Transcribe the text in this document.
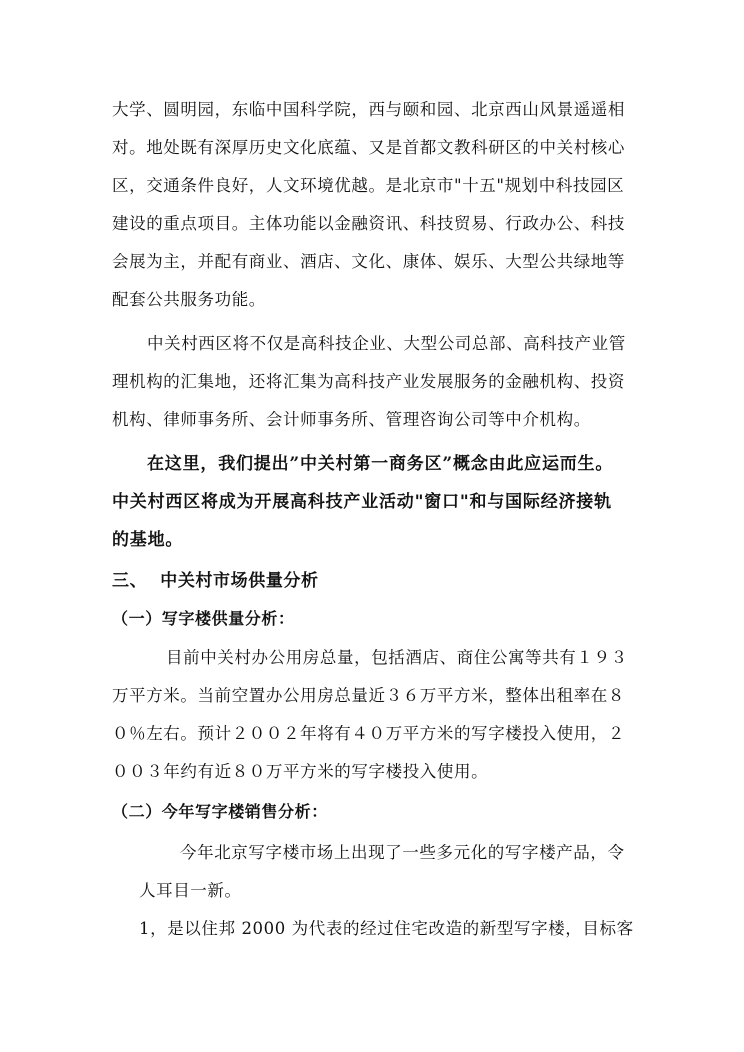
大学、圆明园，东临中国科学院，西与颐和园、北京西山风景遥遥相
对。地处既有深厚历史文化底蕴、又是首都文教科研区的中关村核心
区，交通条件良好，人文环境优越。是北京市"十五"规划中科技园区
建设的重点项目。主体功能以金融资讯、科技贸易、行政办公、科技
会展为主，并配有商业、酒店、文化、康体、娱乐、大型公共绿地等
配套公共服务功能。
中关村西区将不仅是高科技企业、大型公司总部、高科技产业管
理机构的汇集地，还将汇集为高科技产业发展服务的金融机构、投资
机构、律师事务所、会计师事务所、管理咨询公司等中介机构。
在这里，我们提出”中关村第一商务区”概念由此应运而生。
中关村西区将成为开展高科技产业活动"窗口"和与国际经济接轨
的基地。
三、  中关村市场供量分析
（一）写字楼供量分析：
目前中关村办公用房总量，包括酒店、商住公寓等共有１９３
万平方米。当前空置办公用房总量近３６万平方米，整体出租率在８
０％左右。预计２００２年将有４０万平方米的写字楼投入使用，２
００３年约有近８０万平方米的写字楼投入使用。
（二）今年写字楼销售分析：
今年北京写字楼市场上出现了一些多元化的写字楼产品，令
人耳目一新。
1，是以住邦 2000 为代表的经过住宅改造的新型写字楼，目标客
